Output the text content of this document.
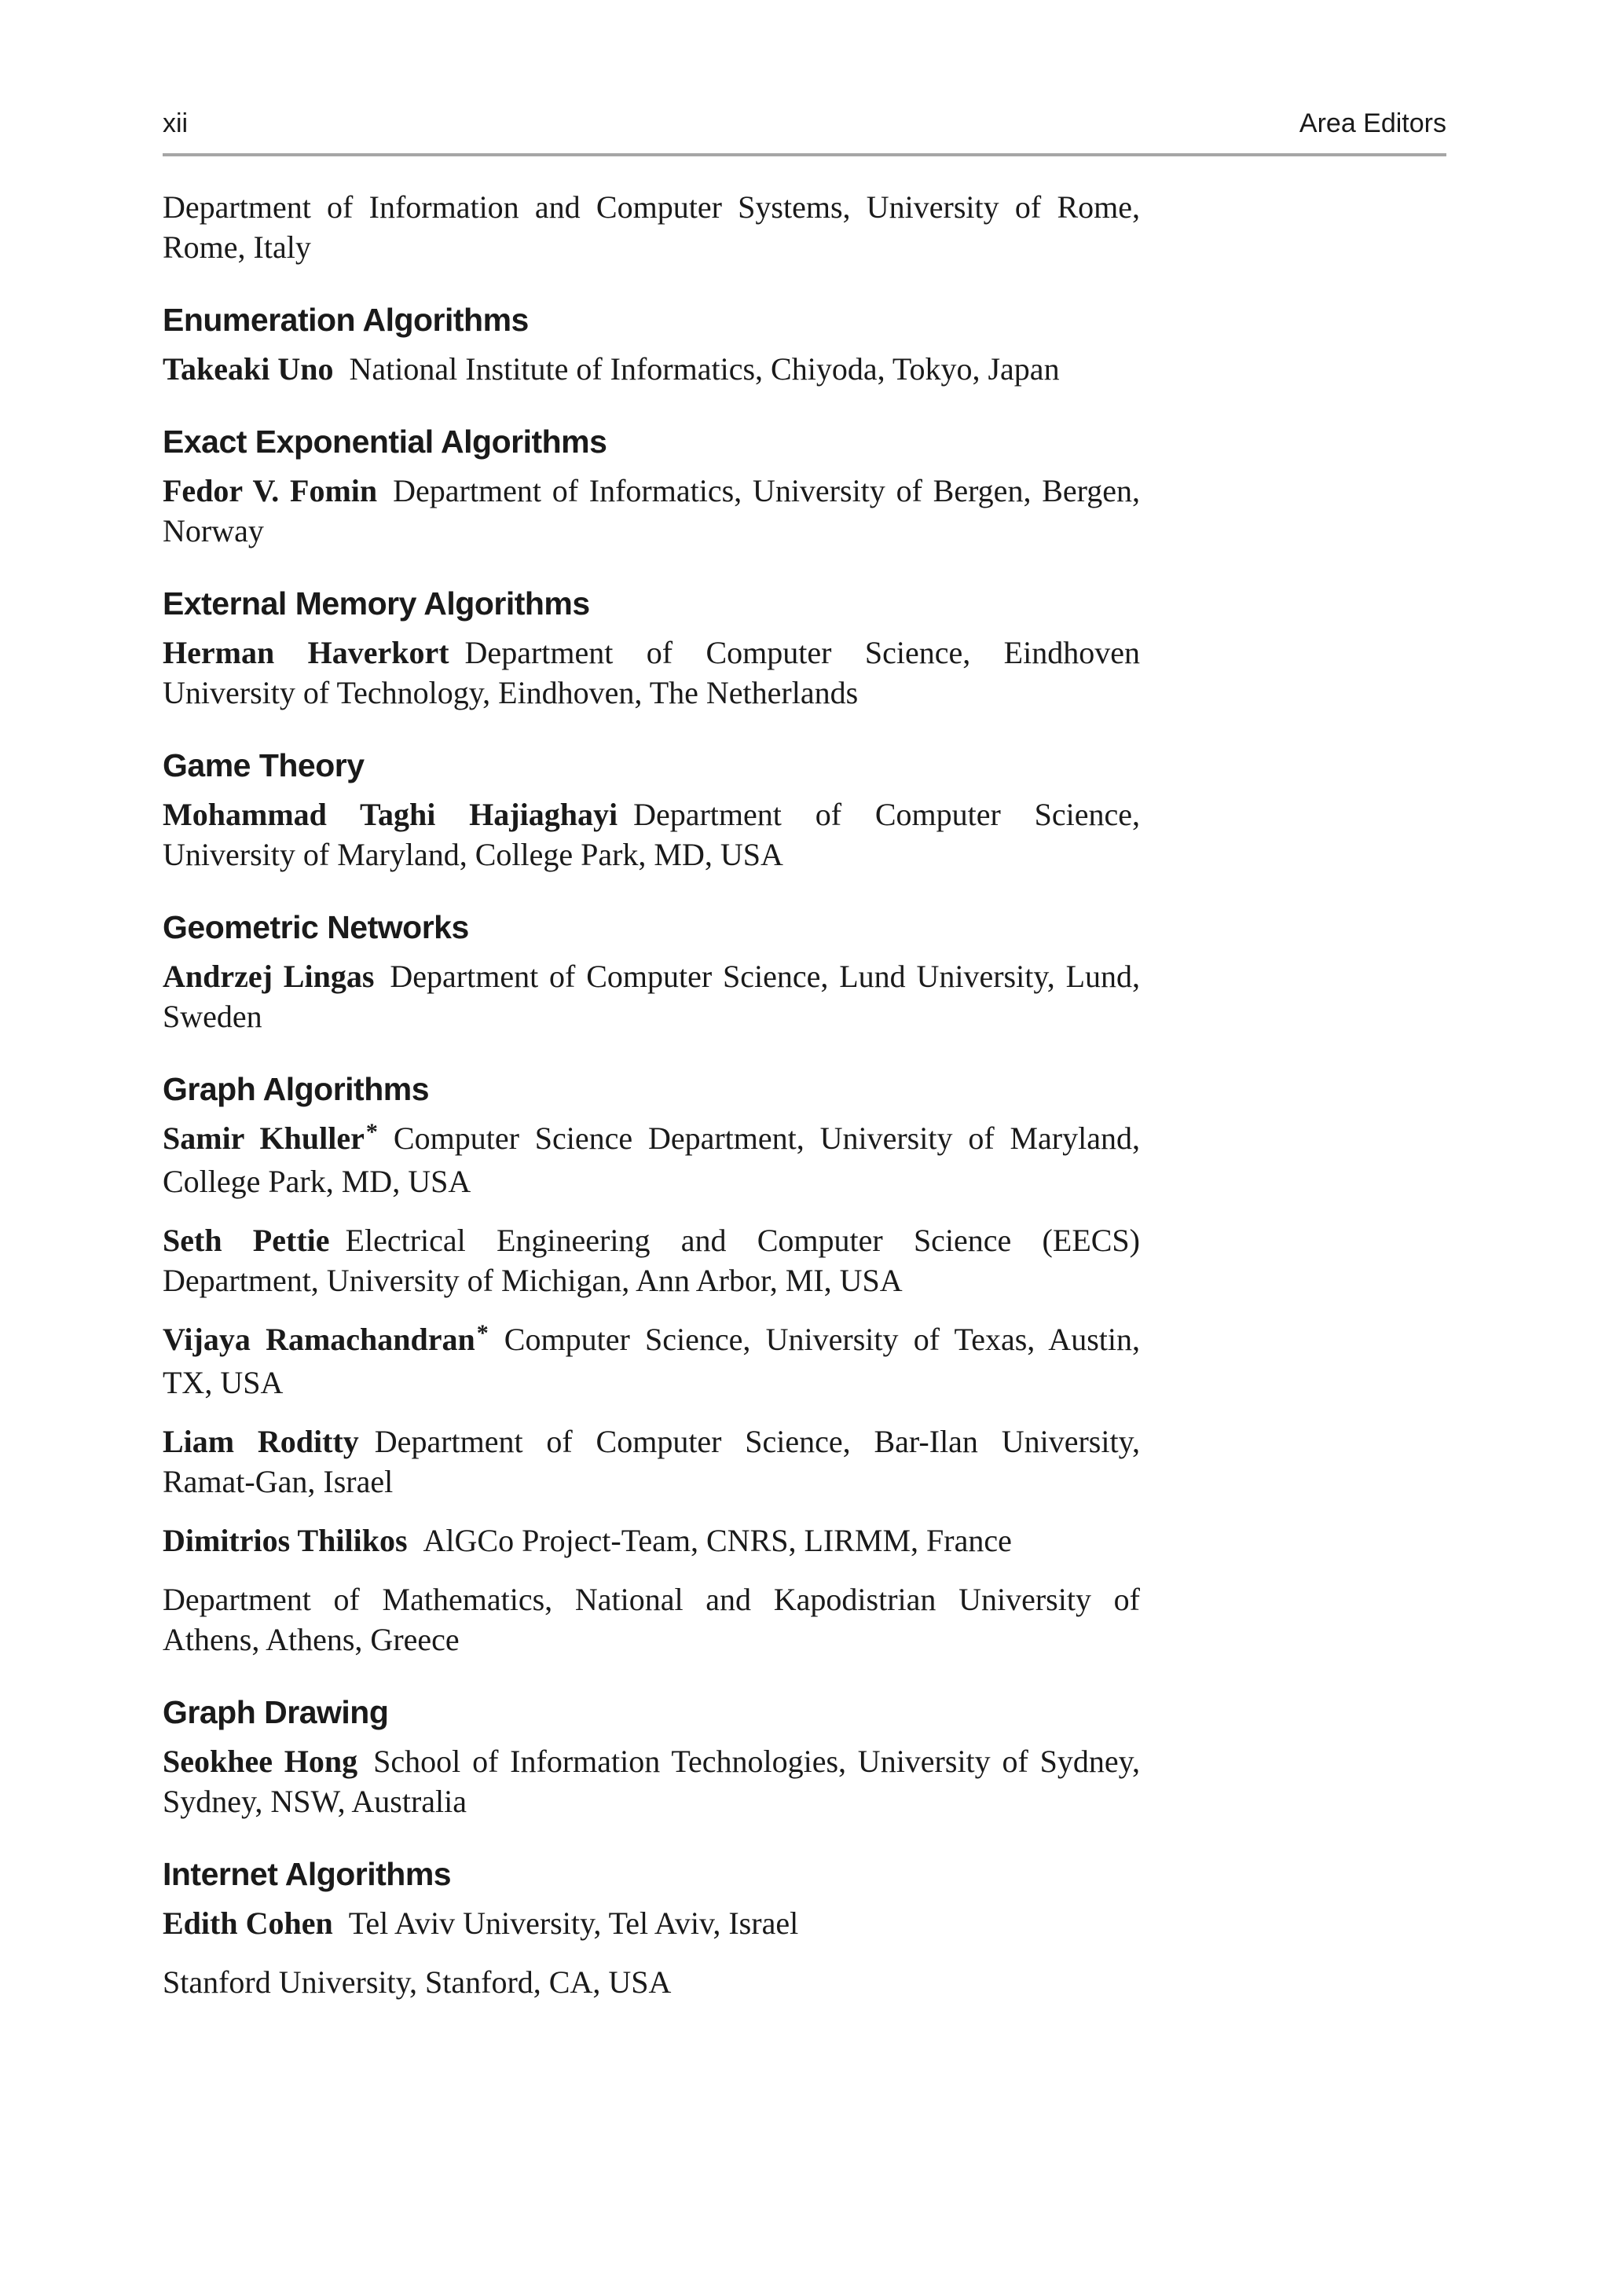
xii	Area Editors

Department of Information and Computer Systems, University of Rome, Rome, Italy

Enumeration Algorithms

Takeaki Uno National Institute of Informatics, Chiyoda, Tokyo, Japan

Exact Exponential Algorithms

Fedor V. Fomin Department of Informatics, University of Bergen, Bergen, Norway

External Memory Algorithms

Herman Haverkort Department of Computer Science, Eindhoven University of Technology, Eindhoven, The Netherlands

Game Theory

Mohammad Taghi Hajiaghayi Department of Computer Science, University of Maryland, College Park, MD, USA

Geometric Networks

Andrzej Lingas Department of Computer Science, Lund University, Lund, Sweden

Graph Algorithms

Samir Khuller* Computer Science Department, University of Maryland, College Park, MD, USA

Seth Pettie Electrical Engineering and Computer Science (EECS) Department, University of Michigan, Ann Arbor, MI, USA

Vijaya Ramachandran* Computer Science, University of Texas, Austin, TX, USA

Liam Roditty Department of Computer Science, Bar-Ilan University, Ramat-Gan, Israel

Dimitrios Thilikos AlGCo Project-Team, CNRS, LIRMM, France

Department of Mathematics, National and Kapodistrian University of Athens, Athens, Greece

Graph Drawing

Seokhee Hong School of Information Technologies, University of Sydney, Sydney, NSW, Australia

Internet Algorithms

Edith Cohen Tel Aviv University, Tel Aviv, Israel

Stanford University, Stanford, CA, USA
